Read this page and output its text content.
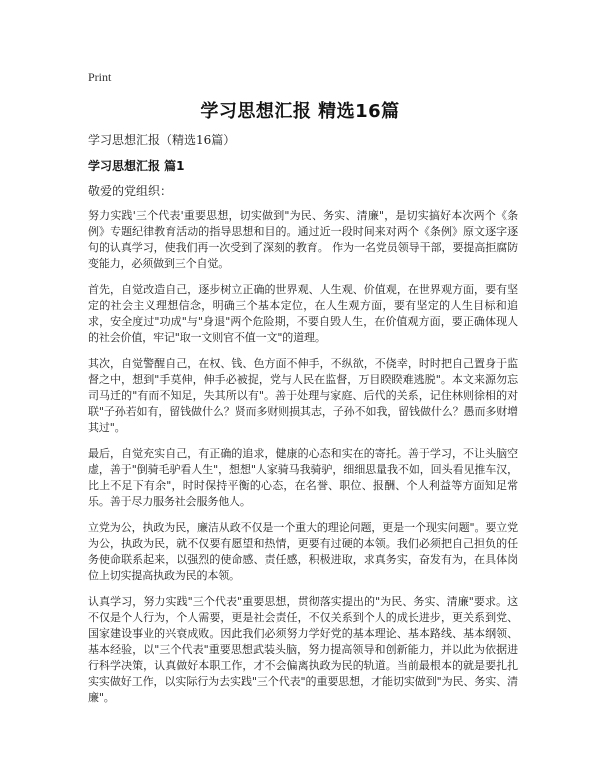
Print
学习思想汇报 精选16篇

学习思想汇报（精选16篇）

学习思想汇报 篇1

敬爱的党组织：

努力实践'三个代表'重要思想，切实做到"为民、务实、清廉"，是切实搞好本次两个《条例》专题纪律教育活动的指导思想和目的。通过近一段时间来对两个《条例》原文逐字逐句的认真学习，使我们再一次受到了深刻的教育。 作为一名党员领导干部，要提高拒腐防变能力，必须做到三个自觉。

首先，自觉改造自己，逐步树立正确的世界观、人生观、价值观，在世界观方面，要有坚定的社会主义理想信念，明确三个基本定位，在人生观方面，要有坚定的人生目标和追求，安全度过"功成"与"身退"两个危险期，不要自毁人生，在价值观方面，要正确体现人的社会价值，牢记"取一文则官不值一文"的道理。

其次，自觉警醒自己，在权、钱、色方面不伸手，不纵欲，不侥幸，时时把自己置身于监督之中，想到"手莫伸，伸手必被捉，党与人民在监督，万目睽睽难逃脱"。本文来源勿忘司马迁的"有而不知足，失其所以有"。善于处理与家庭、后代的关系，记住林则徐相的对联"子孙若如有，留钱做什么？贤而多财则损其志，子孙不如我，留钱做什么？愚而多财增其过"。

最后，自觉充实自己，有正确的追求，健康的心态和实在的寄托。善于学习，不让头脑空虚，善于"倒骑毛驴看人生"，想想"人家骑马我骑驴，细细思量我不如，回头看见推车汉，比上不足下有余"，时时保持平衡的心态，在名誉、职位、报酬、个人利益等方面知足常乐。善于尽力服务社会服务他人。

立党为公，执政为民，廉洁从政不仅是一个重大的理论问题，更是一个现实问题"。要立党为公，执政为民，就不仅要有愿望和热情，更要有过硬的本领。我们必须把自己担负的任务使命联系起来，以强烈的使命感、责任感，积极进取，求真务实，奋发有为，在具体岗位上切实提高执政为民的本领。

认真学习，努力实践"三个代表"重要思想，贯彻落实提出的"为民、务实、清廉"要求。这不仅是个人行为，个人需要，更是社会责任，不仅关系到个人的成长进步，更关系到党、国家建设事业的兴衰成败。因此我们必须努力学好党的基本理论、基本路线、基本纲领、基本经验，以"三个代表"重要思想武装头脑，努力提高领导和创新能力，并以此为依据进行科学决策，认真做好本职工作，才不会偏离执政为民的轨道。当前最根本的就是要扎扎实实做好工作，以实际行为去实践"三个代表"的重要思想，才能切实做到"为民、务实、清廉"。
